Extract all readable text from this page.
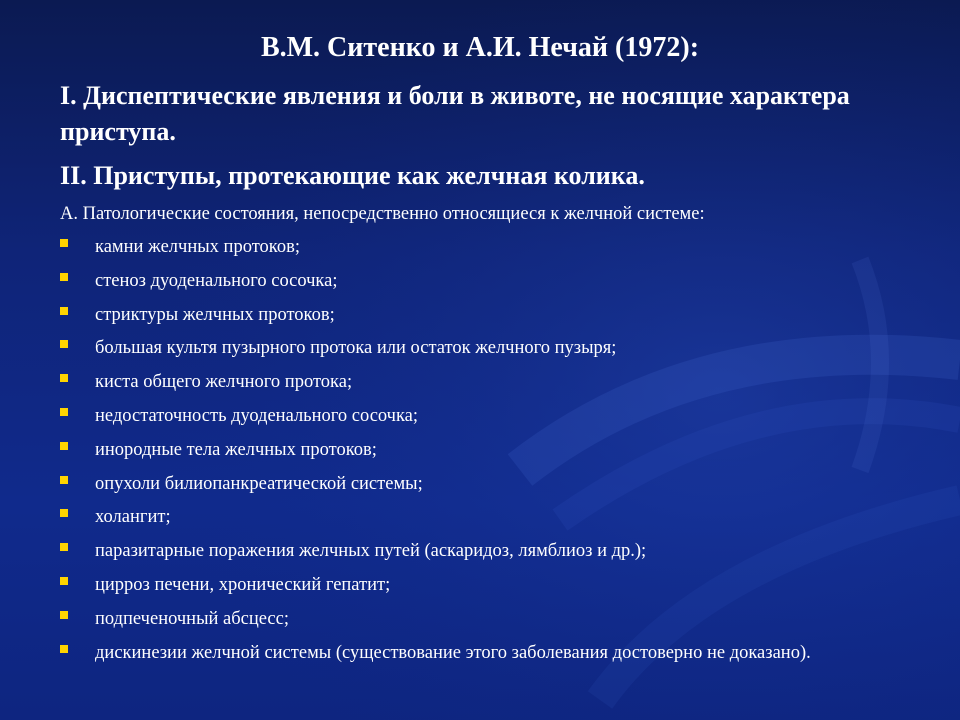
В.М. Ситенко и А.И. Нечай (1972):
I. Диспептические явления и боли в животе, не носящие характера приступа.
II. Приступы, протекающие как желчная колика.
А. Патологические состояния, непосредственно относящиеся к желчной системе:
камни желчных протоков;
стеноз дуоденального сосочка;
стриктуры желчных протоков;
большая культя пузырного протока или остаток желчного пузыря;
киста общего желчного протока;
недостаточность дуоденального сосочка;
инородные тела желчных протоков;
опухоли билиопанкреатической системы;
холангит;
паразитарные поражения желчных путей (аскаридоз, лямблиоз и др.);
цирроз печени, хронический гепатит;
подпеченочный абсцесс;
дискинезии желчной системы (существование этого заболевания достоверно не доказано).
